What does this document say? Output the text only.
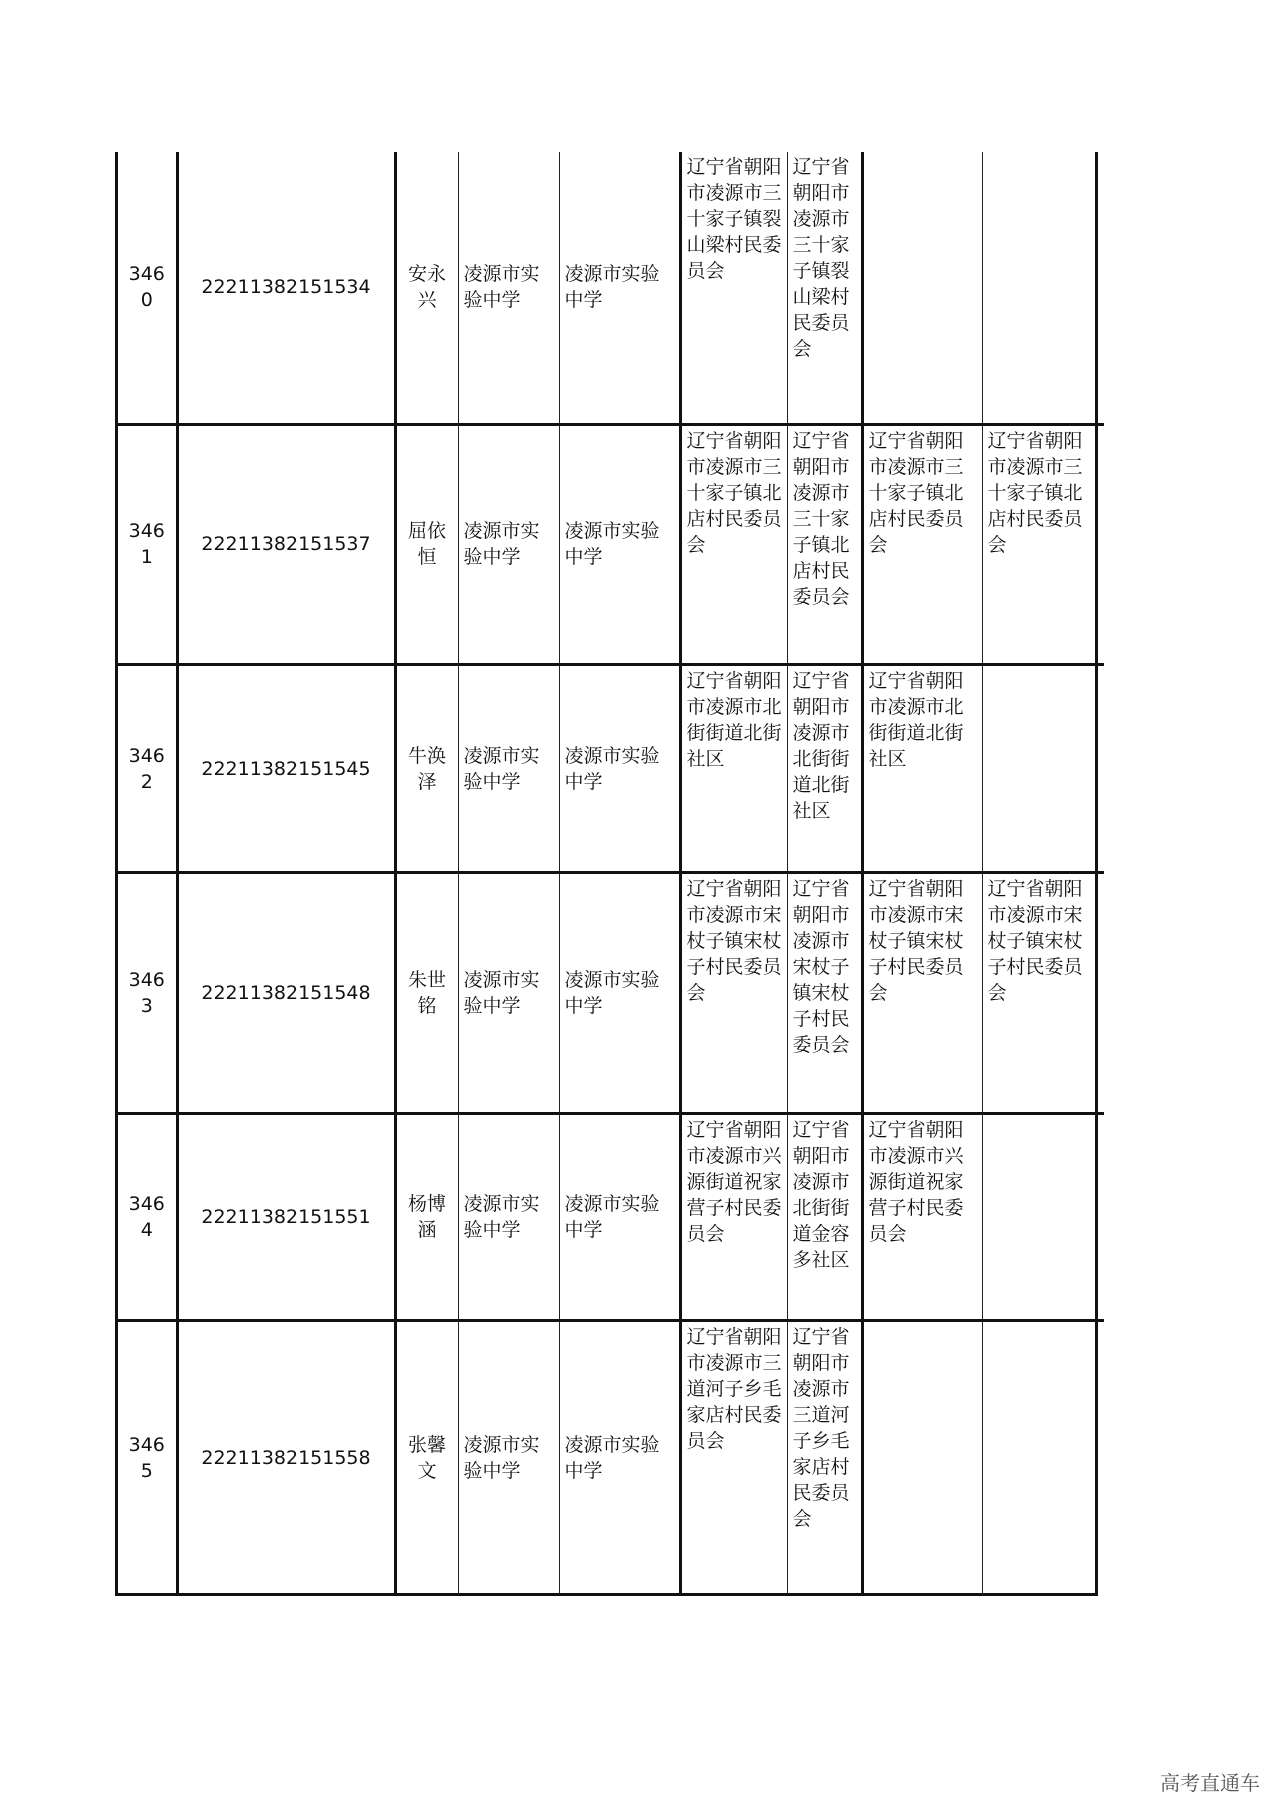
3460	22211382151534	安永兴	凌源市实验中学	凌源市实验中学	辽宁省朝阳市凌源市三十家子镇裂山梁村民委员会	辽宁省朝阳市凌源市三十家子镇裂山梁村民委员会		
3461	22211382151537	屈依恒	凌源市实验中学	凌源市实验中学	辽宁省朝阳市凌源市三十家子镇北店村民委员会	辽宁省朝阳市凌源市三十家子镇北店村民委员会	辽宁省朝阳市凌源市三十家子镇北店村民委员会	辽宁省朝阳市凌源市三十家子镇北店村民委员会
3462	22211382151545	牛涣泽	凌源市实验中学	凌源市实验中学	辽宁省朝阳市凌源市北街街道北街社区	辽宁省朝阳市凌源市北街街道北街社区	辽宁省朝阳市凌源市北街街道北街社区	
3463	22211382151548	朱世铭	凌源市实验中学	凌源市实验中学	辽宁省朝阳市凌源市宋杖子镇宋杖子村民委员会	辽宁省朝阳市凌源市宋杖子镇宋杖子村民委员会	辽宁省朝阳市凌源市宋杖子镇宋杖子村民委员会	辽宁省朝阳市凌源市宋杖子镇宋杖子村民委员会
3464	22211382151551	杨博涵	凌源市实验中学	凌源市实验中学	辽宁省朝阳市凌源市兴源街道祝家营子村民委员会	辽宁省朝阳市凌源市北街街道金容多社区	辽宁省朝阳市凌源市兴源街道祝家营子村民委员会	
3465	22211382151558	张馨文	凌源市实验中学	凌源市实验中学	辽宁省朝阳市凌源市三道河子乡毛家店村民委员会	辽宁省朝阳市凌源市三道河子乡毛家店村民委员会		
高考直通车
